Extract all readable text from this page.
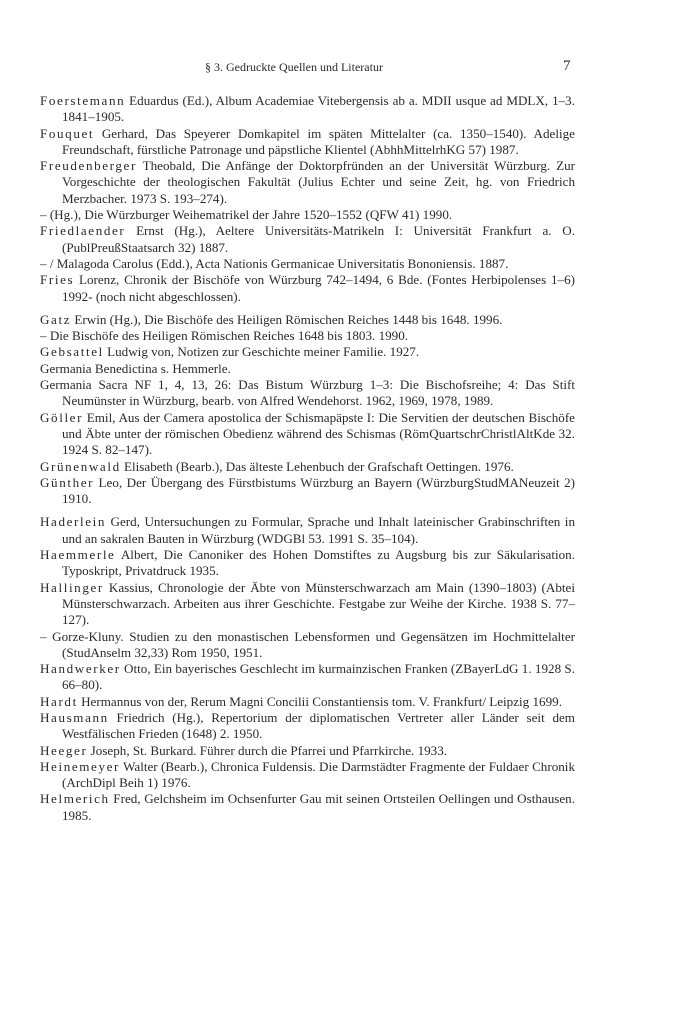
§ 3. Gedruckte Quellen und Literatur	7

Foerstemann Eduardus (Ed.), Album Academiae Vitebergensis ab a. MDII usque ad MDLX, 1–3. 1841–1905.

Fouquet Gerhard, Das Speyerer Domkapitel im späten Mittelalter (ca. 1350–1540). Adelige Freundschaft, fürstliche Patronage und päpstliche Klientel (AbhhMittelrhKG 57) 1987.

Freudenberger Theobald, Die Anfänge der Doktorpfründen an der Universität Würzburg. Zur Vorgeschichte der theologischen Fakultät (Julius Echter und seine Zeit, hg. von Friedrich Merzbacher. 1973 S. 193–274).

– (Hg.), Die Würzburger Weihematrikel der Jahre 1520–1552 (QFW 41) 1990.

Friedlaender Ernst (Hg.), Aeltere Universitäts-Matrikeln I: Universität Frankfurt a. O. (PublPreußStaatsarch 32) 1887.

– / Malagoda Carolus (Edd.), Acta Nationis Germanicae Universitatis Bononiensis. 1887.

Fries Lorenz, Chronik der Bischöfe von Würzburg 742–1494, 6 Bde. (Fontes Herbipolenses 1–6) 1992- (noch nicht abgeschlossen).

Gatz Erwin (Hg.), Die Bischöfe des Heiligen Römischen Reiches 1448 bis 1648. 1996.

– Die Bischöfe des Heiligen Römischen Reiches 1648 bis 1803. 1990.

Gebsattel Ludwig von, Notizen zur Geschichte meiner Familie. 1927.

Germania Benedictina s. Hemmerle.

Germania Sacra NF 1, 4, 13, 26: Das Bistum Würzburg 1–3: Die Bischofsreihe; 4: Das Stift Neumünster in Würzburg, bearb. von Alfred Wendehorst. 1962, 1969, 1978, 1989.

Göller Emil, Aus der Camera apostolica der Schismapäpste I: Die Servitien der deutschen Bischöfe und Äbte unter der römischen Obedienz während des Schismas (RömQuartschrChristlAltKde 32. 1924 S. 82–147).

Grünenwald Elisabeth (Bearb.), Das älteste Lehenbuch der Grafschaft Oettingen. 1976.

Günther Leo, Der Übergang des Fürstbistums Würzburg an Bayern (WürzburgStudMANeuzeit 2) 1910.

Haderlein Gerd, Untersuchungen zu Formular, Sprache und Inhalt lateinischer Grabinschriften in und an sakralen Bauten in Würzburg (WDGBl 53. 1991 S. 35–104).

Haemmerle Albert, Die Canoniker des Hohen Domstiftes zu Augsburg bis zur Säkularisation. Typoskript, Privatdruck 1935.

Hallinger Kassius, Chronologie der Äbte von Münsterschwarzach am Main (1390–1803) (Abtei Münsterschwarzach. Arbeiten aus ihrer Geschichte. Festgabe zur Weihe der Kirche. 1938 S. 77–127).

– Gorze-Kluny. Studien zu den monastischen Lebensformen und Gegensätzen im Hochmittelalter (StudAnselm 32,33) Rom 1950, 1951.

Handwerker Otto, Ein bayerisches Geschlecht im kurmainzischen Franken (ZBayerLdG 1. 1928 S. 66–80).

Hardt Hermannus von der, Rerum Magni Concilii Constantiensis tom. V. Frankfurt/ Leipzig 1699.

Hausmann Friedrich (Hg.), Repertorium der diplomatischen Vertreter aller Länder seit dem Westfälischen Frieden (1648) 2. 1950.

Heeger Joseph, St. Burkard. Führer durch die Pfarrei und Pfarrkirche. 1933.

Heinemeyer Walter (Bearb.), Chronica Fuldensis. Die Darmstädter Fragmente der Fuldaer Chronik (ArchDipl Beih 1) 1976.

Helmerich Fred, Gelchsheim im Ochsenfurter Gau mit seinen Ortsteilen Oellingen und Osthausen. 1985.
